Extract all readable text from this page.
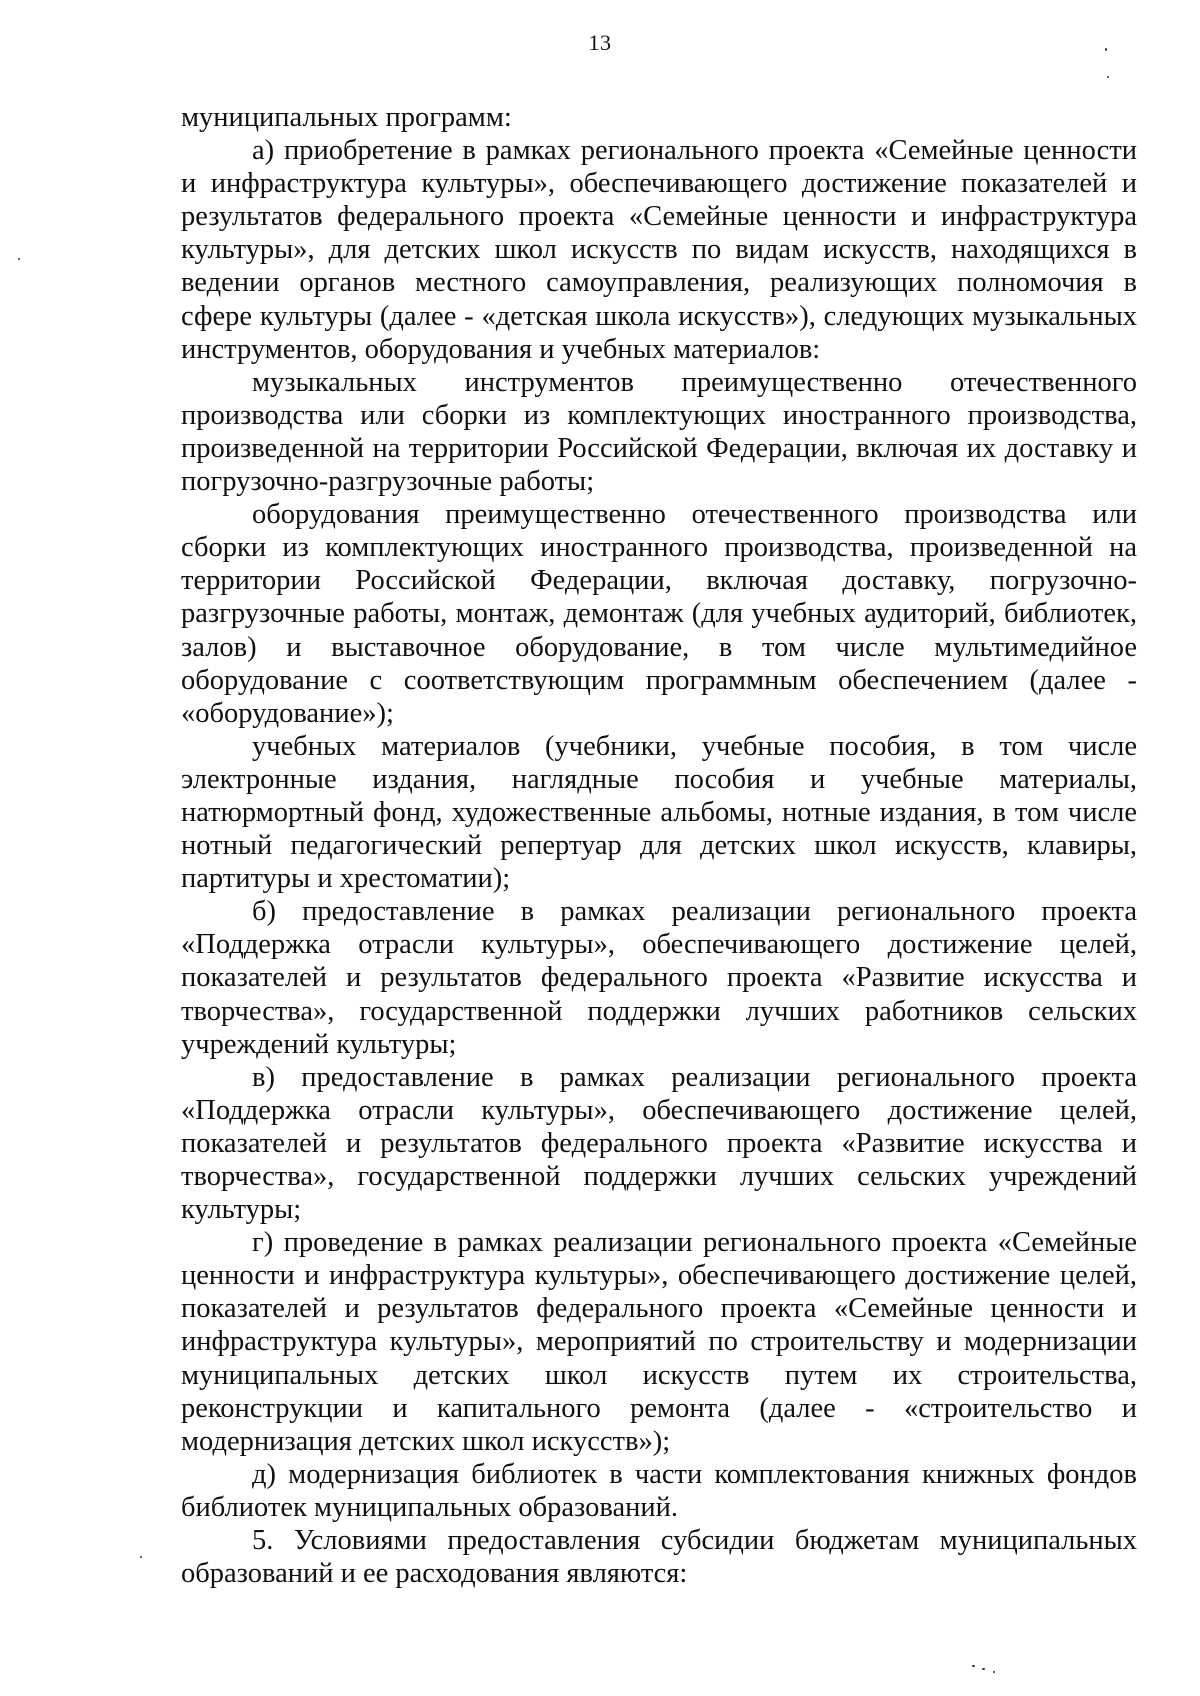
13

муниципальных программ:

а) приобретение в рамках регионального проекта «Семейные ценности и инфраструктура культуры», обеспечивающего достижение показателей и результатов федерального проекта «Семейные ценности и инфраструктура культуры», для детских школ искусств по видам искусств, находящихся в ведении органов местного самоуправления, реализующих полномочия в сфере культуры (далее - «детская школа искусств»), следующих музыкальных инструментов, оборудования и учебных материалов:

музыкальных инструментов преимущественно отечественного производства или сборки из комплектующих иностранного производства, произведенной на территории Российской Федерации, включая их доставку и погрузочно-разгрузочные работы;

оборудования преимущественно отечественного производства или сборки из комплектующих иностранного производства, произведенной на территории Российской Федерации, включая доставку, погрузочно-разгрузочные работы, монтаж, демонтаж (для учебных аудиторий, библиотек, залов) и выставочное оборудование, в том числе мультимедийное оборудование с соответствующим программным обеспечением (далее - «оборудование»);

учебных материалов (учебники, учебные пособия, в том числе электронные издания, наглядные пособия и учебные материалы, натюрмортный фонд, художественные альбомы, нотные издания, в том числе нотный педагогический репертуар для детских школ искусств, клавиры, партитуры и хрестоматии);

б) предоставление в рамках реализации регионального проекта «Поддержка отрасли культуры», обеспечивающего достижение целей, показателей и результатов федерального проекта «Развитие искусства и творчества», государственной поддержки лучших работников сельских учреждений культуры;

в) предоставление в рамках реализации регионального проекта «Поддержка отрасли культуры», обеспечивающего достижение целей, показателей и результатов федерального проекта «Развитие искусства и творчества», государственной поддержки лучших сельских учреждений культуры;

г) проведение в рамках реализации регионального проекта «Семейные ценности и инфраструктура культуры», обеспечивающего достижение целей, показателей и результатов федерального проекта «Семейные ценности и инфраструктура культуры», мероприятий по строительству и модернизации муниципальных детских школ искусств путем их строительства, реконструкции и капитального ремонта (далее - «строительство и модернизация детских школ искусств»);

д) модернизация библиотек в части комплектования книжных фондов библиотек муниципальных образований.

5. Условиями предоставления субсидии бюджетам муниципальных образований и ее расходования являются:
